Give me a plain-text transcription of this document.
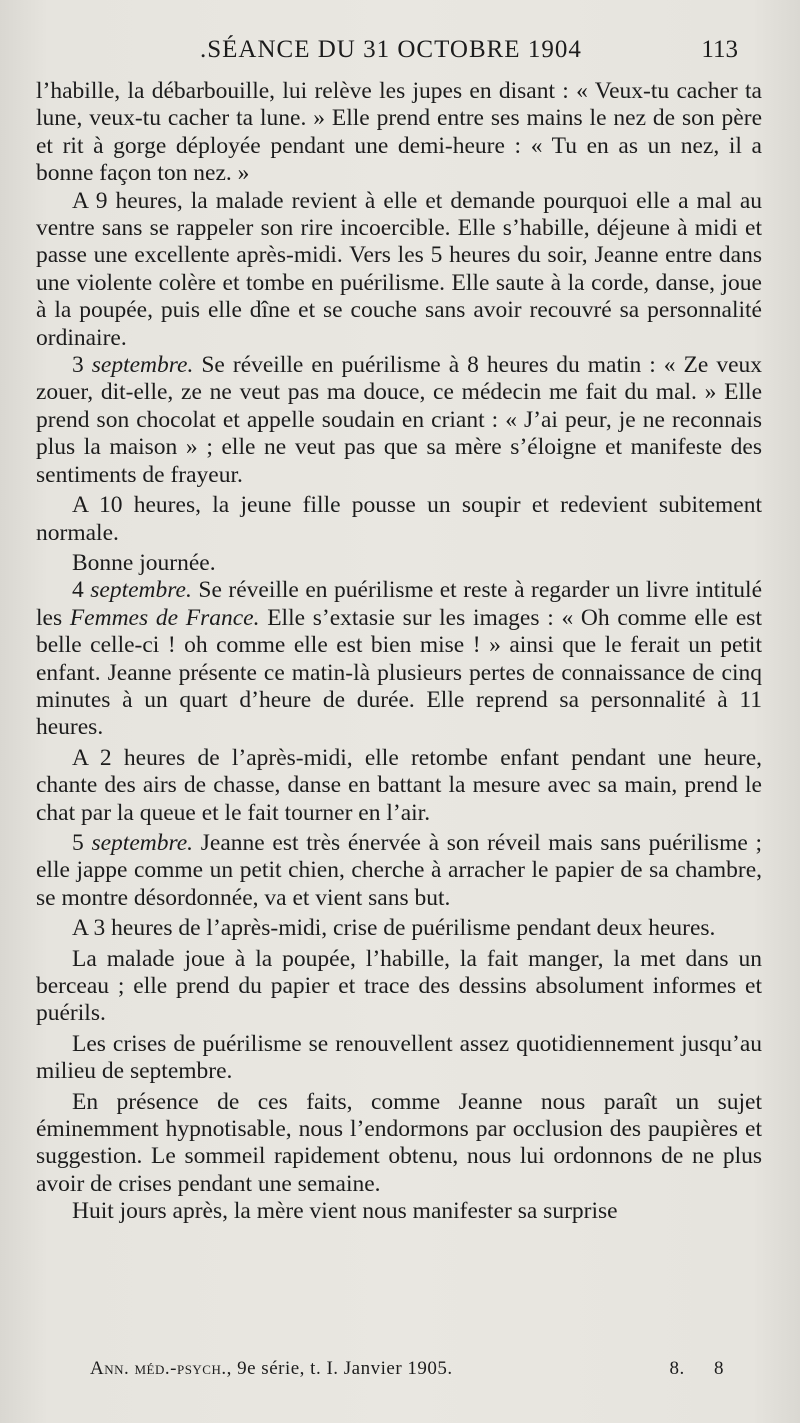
.SÉANCE DU 31 OCTOBRE 1904	113

l’habille, la débarbouille, lui relève les jupes en disant : « Veux-tu cacher ta lune, veux-tu cacher ta lune. » Elle prend entre ses mains le nez de son père et rit à gorge déployée pendant une demi-heure : « Tu en as un nez, il a bonne façon ton nez. »

A 9 heures, la malade revient à elle et demande pourquoi elle a mal au ventre sans se rappeler son rire incoercible. Elle s’habille, déjeune à midi et passe une excellente après-midi. Vers les 5 heures du soir, Jeanne entre dans une violente colère et tombe en puérilisme. Elle saute à la corde, danse, joue à la poupée, puis elle dîne et se couche sans avoir recouvré sa personnalité ordinaire.

3 septembre. Se réveille en puérilisme à 8 heures du matin : « Ze veux zouer, dit-elle, ze ne veut pas ma douce, ce médecin me fait du mal. » Elle prend son chocolat et appelle soudain en criant : « J’ai peur, je ne reconnais plus la maison » ; elle ne veut pas que sa mère s’éloigne et manifeste des sentiments de frayeur.

A 10 heures, la jeune fille pousse un soupir et redevient subitement normale.

Bonne journée.

4 septembre. Se réveille en puérilisme et reste à regarder un livre intitulé les Femmes de France. Elle s’extasie sur les images : « Oh comme elle est belle celle-ci ! oh comme elle est bien mise ! » ainsi que le ferait un petit enfant. Jeanne présente ce matin-là plusieurs pertes de connaissance de cinq minutes à un quart d’heure de durée. Elle reprend sa personnalité à 11 heures.

A 2 heures de l’après-midi, elle retombe enfant pendant une heure, chante des airs de chasse, danse en battant la mesure avec sa main, prend le chat par la queue et le fait tourner en l’air.

5 septembre. Jeanne est très énervée à son réveil mais sans puérilisme ; elle jappe comme un petit chien, cherche à arracher le papier de sa chambre, se montre désordonnée, va et vient sans but.

A 3 heures de l’après-midi, crise de puérilisme pendant deux heures.

La malade joue à la poupée, l’habille, la fait manger, la met dans un berceau ; elle prend du papier et trace des dessins absolument informes et puérils.

Les crises de puérilisme se renouvellent assez quotidiennement jusqu’au milieu de septembre.

En présence de ces faits, comme Jeanne nous paraît un sujet éminemment hypnotisable, nous l’endormons par occlusion des paupières et suggestion. Le sommeil rapidement obtenu, nous lui ordonnons de ne plus avoir de crises pendant une semaine.

Huit jours après, la mère vient nous manifester sa surprise

Ann. méd.-psych., 9e série, t. I. Janvier 1905.	8. 8
